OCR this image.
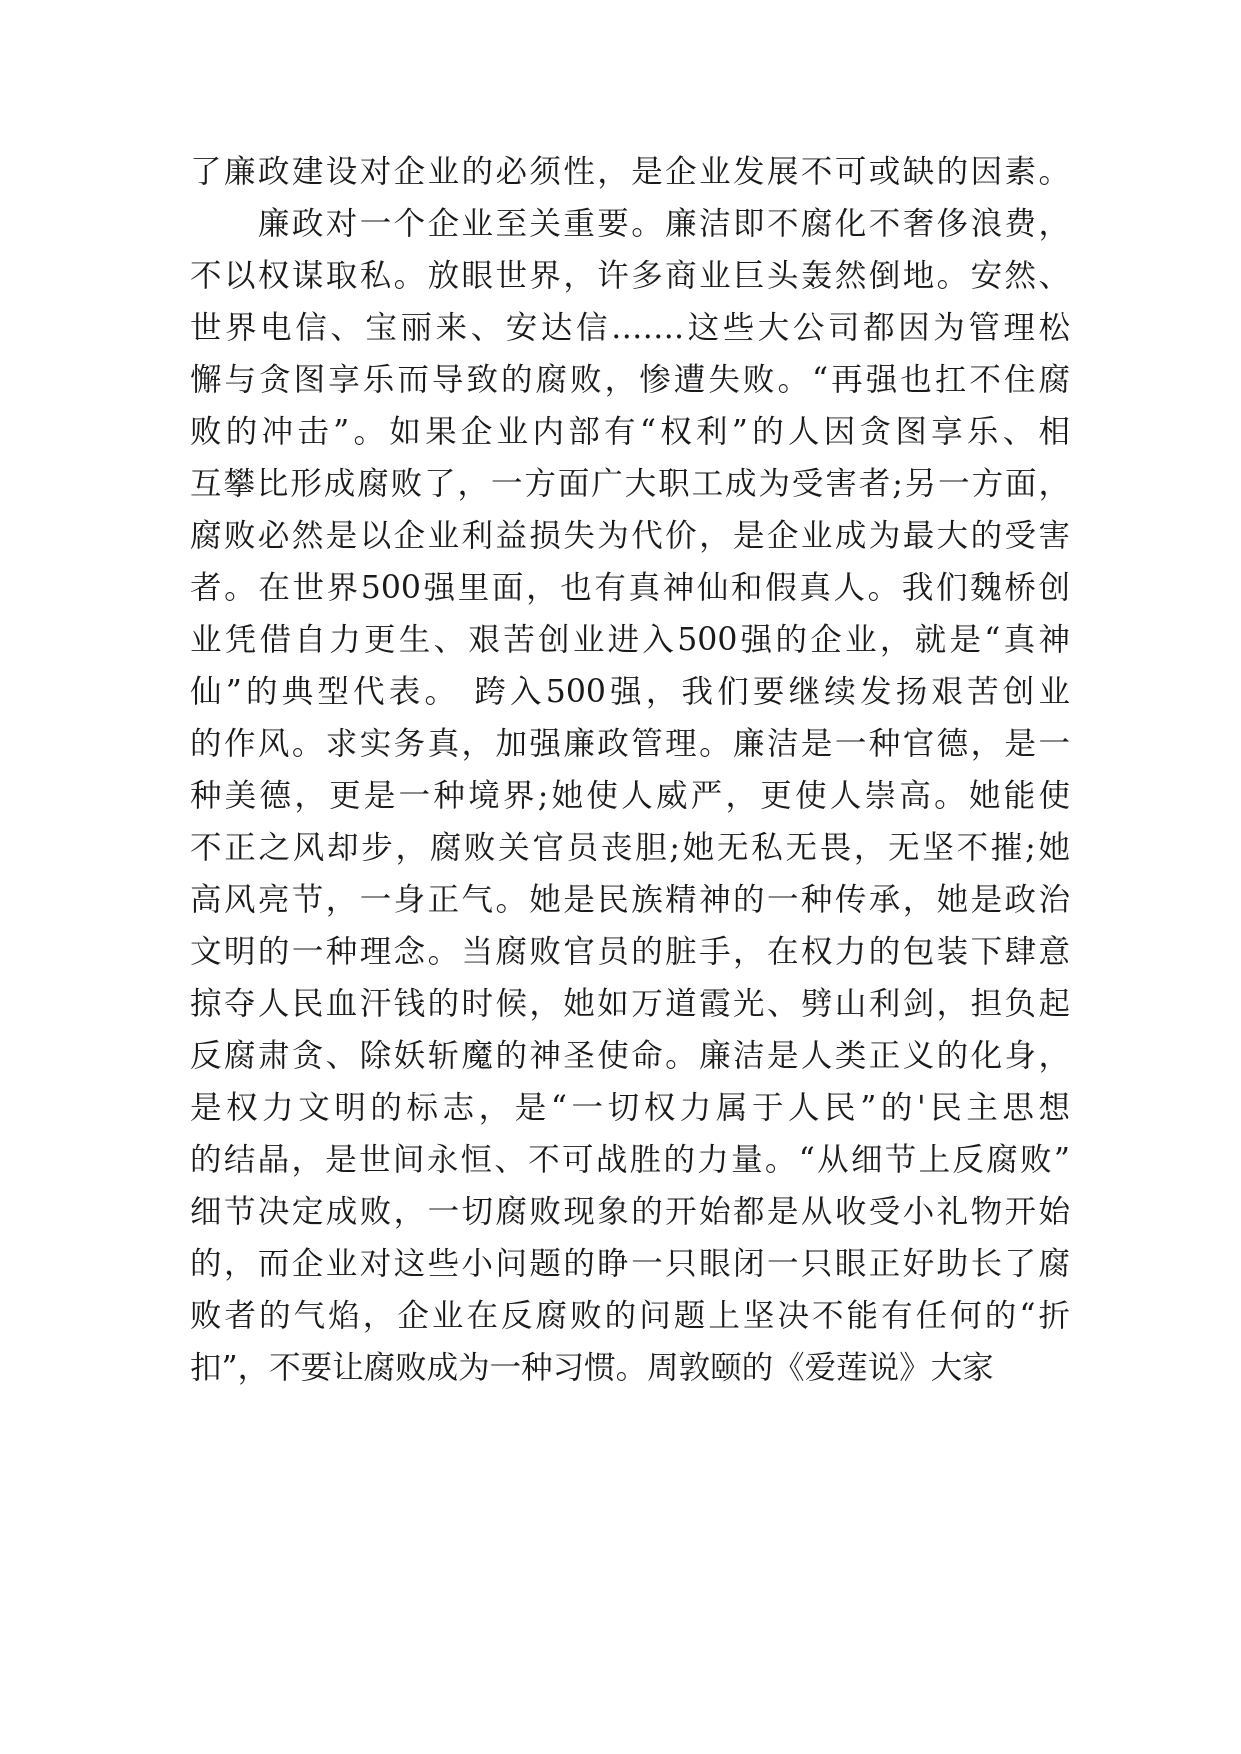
了廉政建设对企业的必须性，是企业发展不可或缺的因素。
　　廉政对一个企业至关重要。廉洁即不腐化不奢侈浪费，
不以权谋取私。放眼世界，许多商业巨头轰然倒地。安然、
世界电信、宝丽来、安达信…….这些大公司都因为管理松
懈与贪图享乐而导致的腐败，惨遭失败。“再强也扛不住腐
败的冲击”。如果企业内部有“权利”的人因贪图享乐、相
互攀比形成腐败了，一方面广大职工成为受害者;另一方面，
腐败必然是以企业利益损失为代价，是企业成为最大的受害
者。在世界500强里面，也有真神仙和假真人。我们魏桥创
业凭借自力更生、艰苦创业进入500强的企业，就是“真神
仙”的典型代表。 跨入500强，我们要继续发扬艰苦创业
的作风。求实务真，加强廉政管理。廉洁是一种官德，是一
种美德，更是一种境界;她使人威严，更使人崇高。她能使
不正之风却步，腐败关官员丧胆;她无私无畏，无坚不摧;她
高风亮节，一身正气。她是民族精神的一种传承，她是政治
文明的一种理念。当腐败官员的脏手，在权力的包装下肆意
掠夺人民血汗钱的时候，她如万道霞光、劈山利剑，担负起
反腐肃贪、除妖斩魔的神圣使命。廉洁是人类正义的化身，
是权力文明的标志，是“一切权力属于人民”的'民主思想
的结晶，是世间永恒、不可战胜的力量。“从细节上反腐败”
细节决定成败，一切腐败现象的开始都是从收受小礼物开始
的，而企业对这些小问题的睁一只眼闭一只眼正好助长了腐
败者的气焰，企业在反腐败的问题上坚决不能有任何的“折
扣”，不要让腐败成为一种习惯。周敦颐的《爱莲说》大家
